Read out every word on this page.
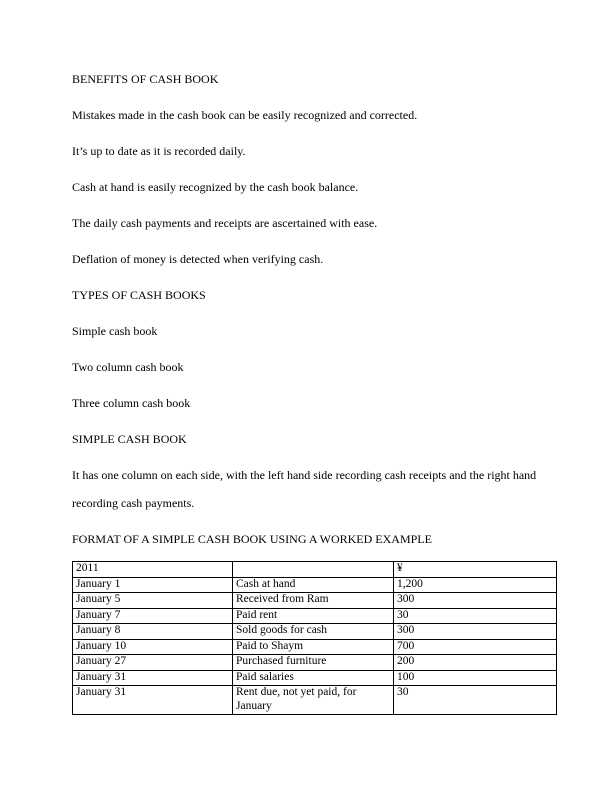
BENEFITS OF CASH BOOK

Mistakes made in the cash book can be easily recognized and corrected.

It’s up to date as it is recorded daily.

Cash at hand is easily recognized by the cash book balance.

The daily cash payments and receipts are ascertained with ease.

Deflation of money is detected when verifying cash.

TYPES OF CASH BOOKS

Simple cash book

Two column cash book

Three column cash book

SIMPLE CASH BOOK

It has one column on each side, with the left hand side recording cash receipts and the right hand recording cash payments.

FORMAT OF A SIMPLE CASH BOOK USING A WORKED EXAMPLE

2011		¥
January 1	Cash at hand	1,200
January 5	Received from Ram	300
January 7	Paid rent	30
January 8	Sold goods for cash	300
January 10	Paid to Shaym	700
January 27	Purchased furniture	200
January 31	Paid salaries	100
January 31	Rent due, not yet paid, for January	30
